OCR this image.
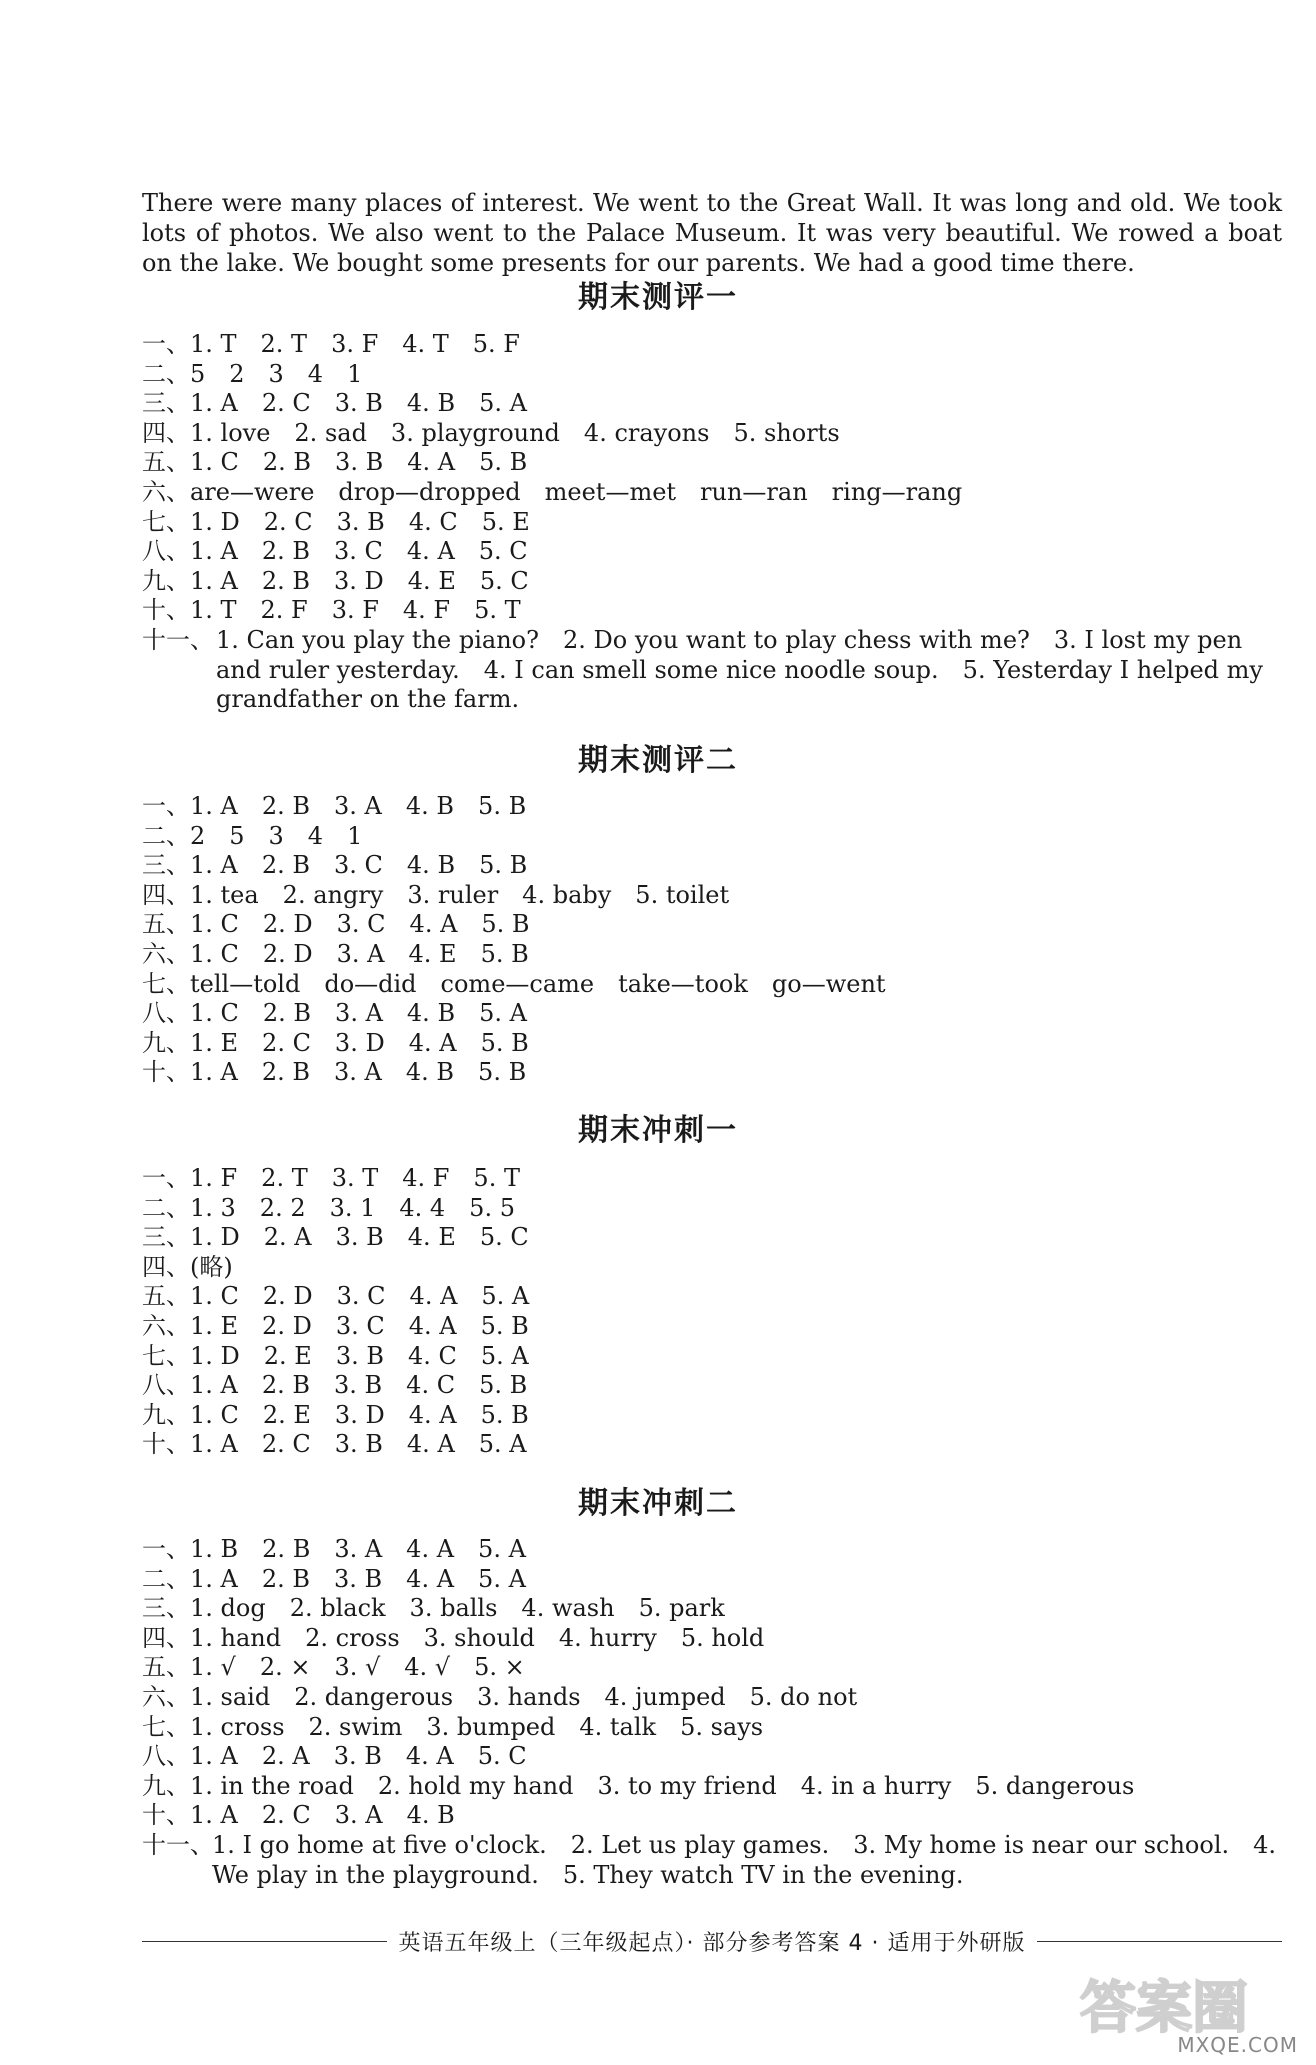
There were many places of interest. We went to the Great Wall. It was long and old. We took lots of photos. We also went to the Palace Museum. It was very beautiful. We rowed a boat on the lake. We bought some presents for our parents. We had a good time there.

期末测评一
一、1. T　2. T　3. F　4. T　5. F
二、5　2　3　4　1
三、1. A　2. C　3. B　4. B　5. A
四、1. love　2. sad　3. playground　4. crayons　5. shorts
五、1. C　2. B　3. B　4. A　5. B
六、are—were　drop—dropped　meet—met　run—ran　ring—rang
七、1. D　2. C　3. B　4. C　5. E
八、1. A　2. B　3. C　4. A　5. C
九、1. A　2. B　3. D　4. E　5. C
十、1. T　2. F　3. F　4. F　5. T
十一、 1. Can you play the piano?　2. Do you want to play chess with me?　3. I lost my pen and ruler yesterday.　4. I can smell some nice noodle soup.　5. Yesterday I helped my grandfather on the farm.
期末测评二
一、1. A　2. B　3. A　4. B　5. B
二、2　5　3　4　1
三、1. A　2. B　3. C　4. B　5. B
四、1. tea　2. angry　3. ruler　4. baby　5. toilet
五、1. C　2. D　3. C　4. A　5. B
六、1. C　2. D　3. A　4. E　5. B
七、tell—told　do—did　come—came　take—took　go—went
八、1. C　2. B　3. A　4. B　5. A
九、1. E　2. C　3. D　4. A　5. B
十、1. A　2. B　3. A　4. B　5. B
期末冲刺一
一、1. F　2. T　3. T　4. F　5. T
二、1. 3　2. 2　3. 1　4. 4　5. 5
三、1. D　2. A　3. B　4. E　5. C
四、(略)
五、1. C　2. D　3. C　4. A　5. A
六、1. E　2. D　3. C　4. A　5. B
七、1. D　2. E　3. B　4. C　5. A
八、1. A　2. B　3. B　4. C　5. B
九、1. C　2. E　3. D　4. A　5. B
十、1. A　2. C　3. B　4. A　5. A
期末冲刺二
一、1. B　2. B　3. A　4. A　5. A
二、1. A　2. B　3. B　4. A　5. A
三、1. dog　2. black　3. balls　4. wash　5. park
四、1. hand　2. cross　3. should　4. hurry　5. hold
五、1. √　2. ×　3. √　4. √　5. ×
六、1. said　2. dangerous　3. hands　4. jumped　5. do not
七、1. cross　2. swim　3. bumped　4. talk　5. says
八、1. A　2. A　3. B　4. A　5. C
九、1. in the road　2. hold my hand　3. to my friend　4. in a hurry　5. dangerous
十、1. A　2. C　3. A　4. B
十一、
1. I go home at five o'clock.　2. Let us play games.　3. My home is near our school.　4. We play in the playground.　5. They watch TV in the evening.
英语五年级上（三年级起点）· 部分参考答案 4 · 适用于外研版
答案圈
MXQE.COM
